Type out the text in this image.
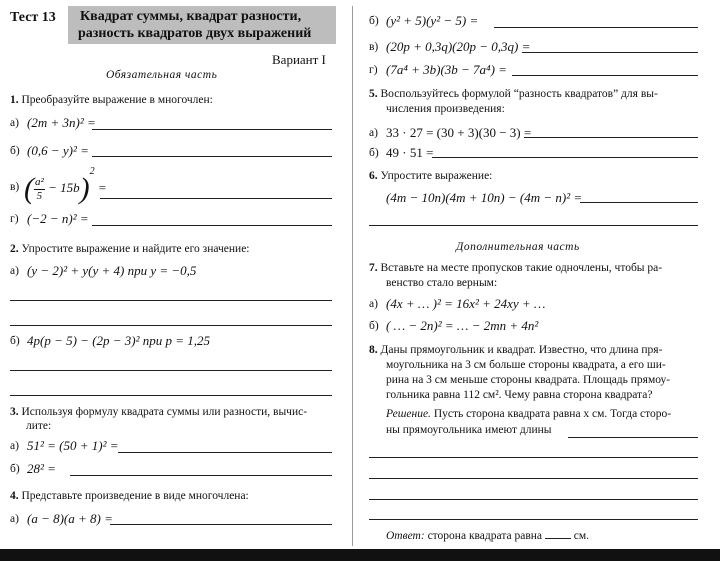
Тест 13 Квадрат суммы, квадрат разности,
разность квадратов двух выражений
Вариант I
Обязательная часть
1. Преобразуйте выражение в многочлен:
а) (2m + 3n)² =
б) (0,6 − y)² =
в) ( $\frac{\text{a²}}{5} - 15b)^2$ =
г) (−2 − n)² =
2. Упростите выражение и найдите его значение:
а) (y − 2)² + y(y + 4) при y = −0,5
б) 4p(p − 5) − (2p − 3)² при p = 1,25
3. Используя формулу квадрата суммы или разности, вычис-
лите:
а) 51² = (50 + 1)² =
б) 28² =
4. Представьте произведение в виде многочлена:
а) (a − 8)(a + 8) =
б) (y² + 5)(y² − 5) =
в) (20p + 0,3q)(20p − 0,3q) =
г) (7a⁴ + 3b)(3b − 7a⁴) =
5. Воспользуйтесь формулой “разность квадратов” для вы-
числения произведения:
а) 33 · 27 = (30 + 3)(30 − 3) =
б) 49 · 51 =
6. Упростите выражение:
(4m − 10n)(4m + 10n) − (4m − n)² =
Дополнительная часть
7. Вставьте на месте пропусков такие одночлены, чтобы ра-
венство стало верным:
а) (4x + … )² = 16x² + 24xy + …
б) ( … − 2n)² = … − 2mn + 4n²
8. Даны прямоугольник и квадрат. Известно, что длина пря-
моугольника на 3 см больше стороны квадрата, а его ши-
рина на 3 см меньше стороны квадрата. Площадь прямоу-
гольника равна 112 см². Чему равна сторона квадрата?
Решение. Пусть сторона квадрата равна x см. Тогда сторо-
ны прямоугольника имеют длины
Ответ: сторона квадрата равна	см.
